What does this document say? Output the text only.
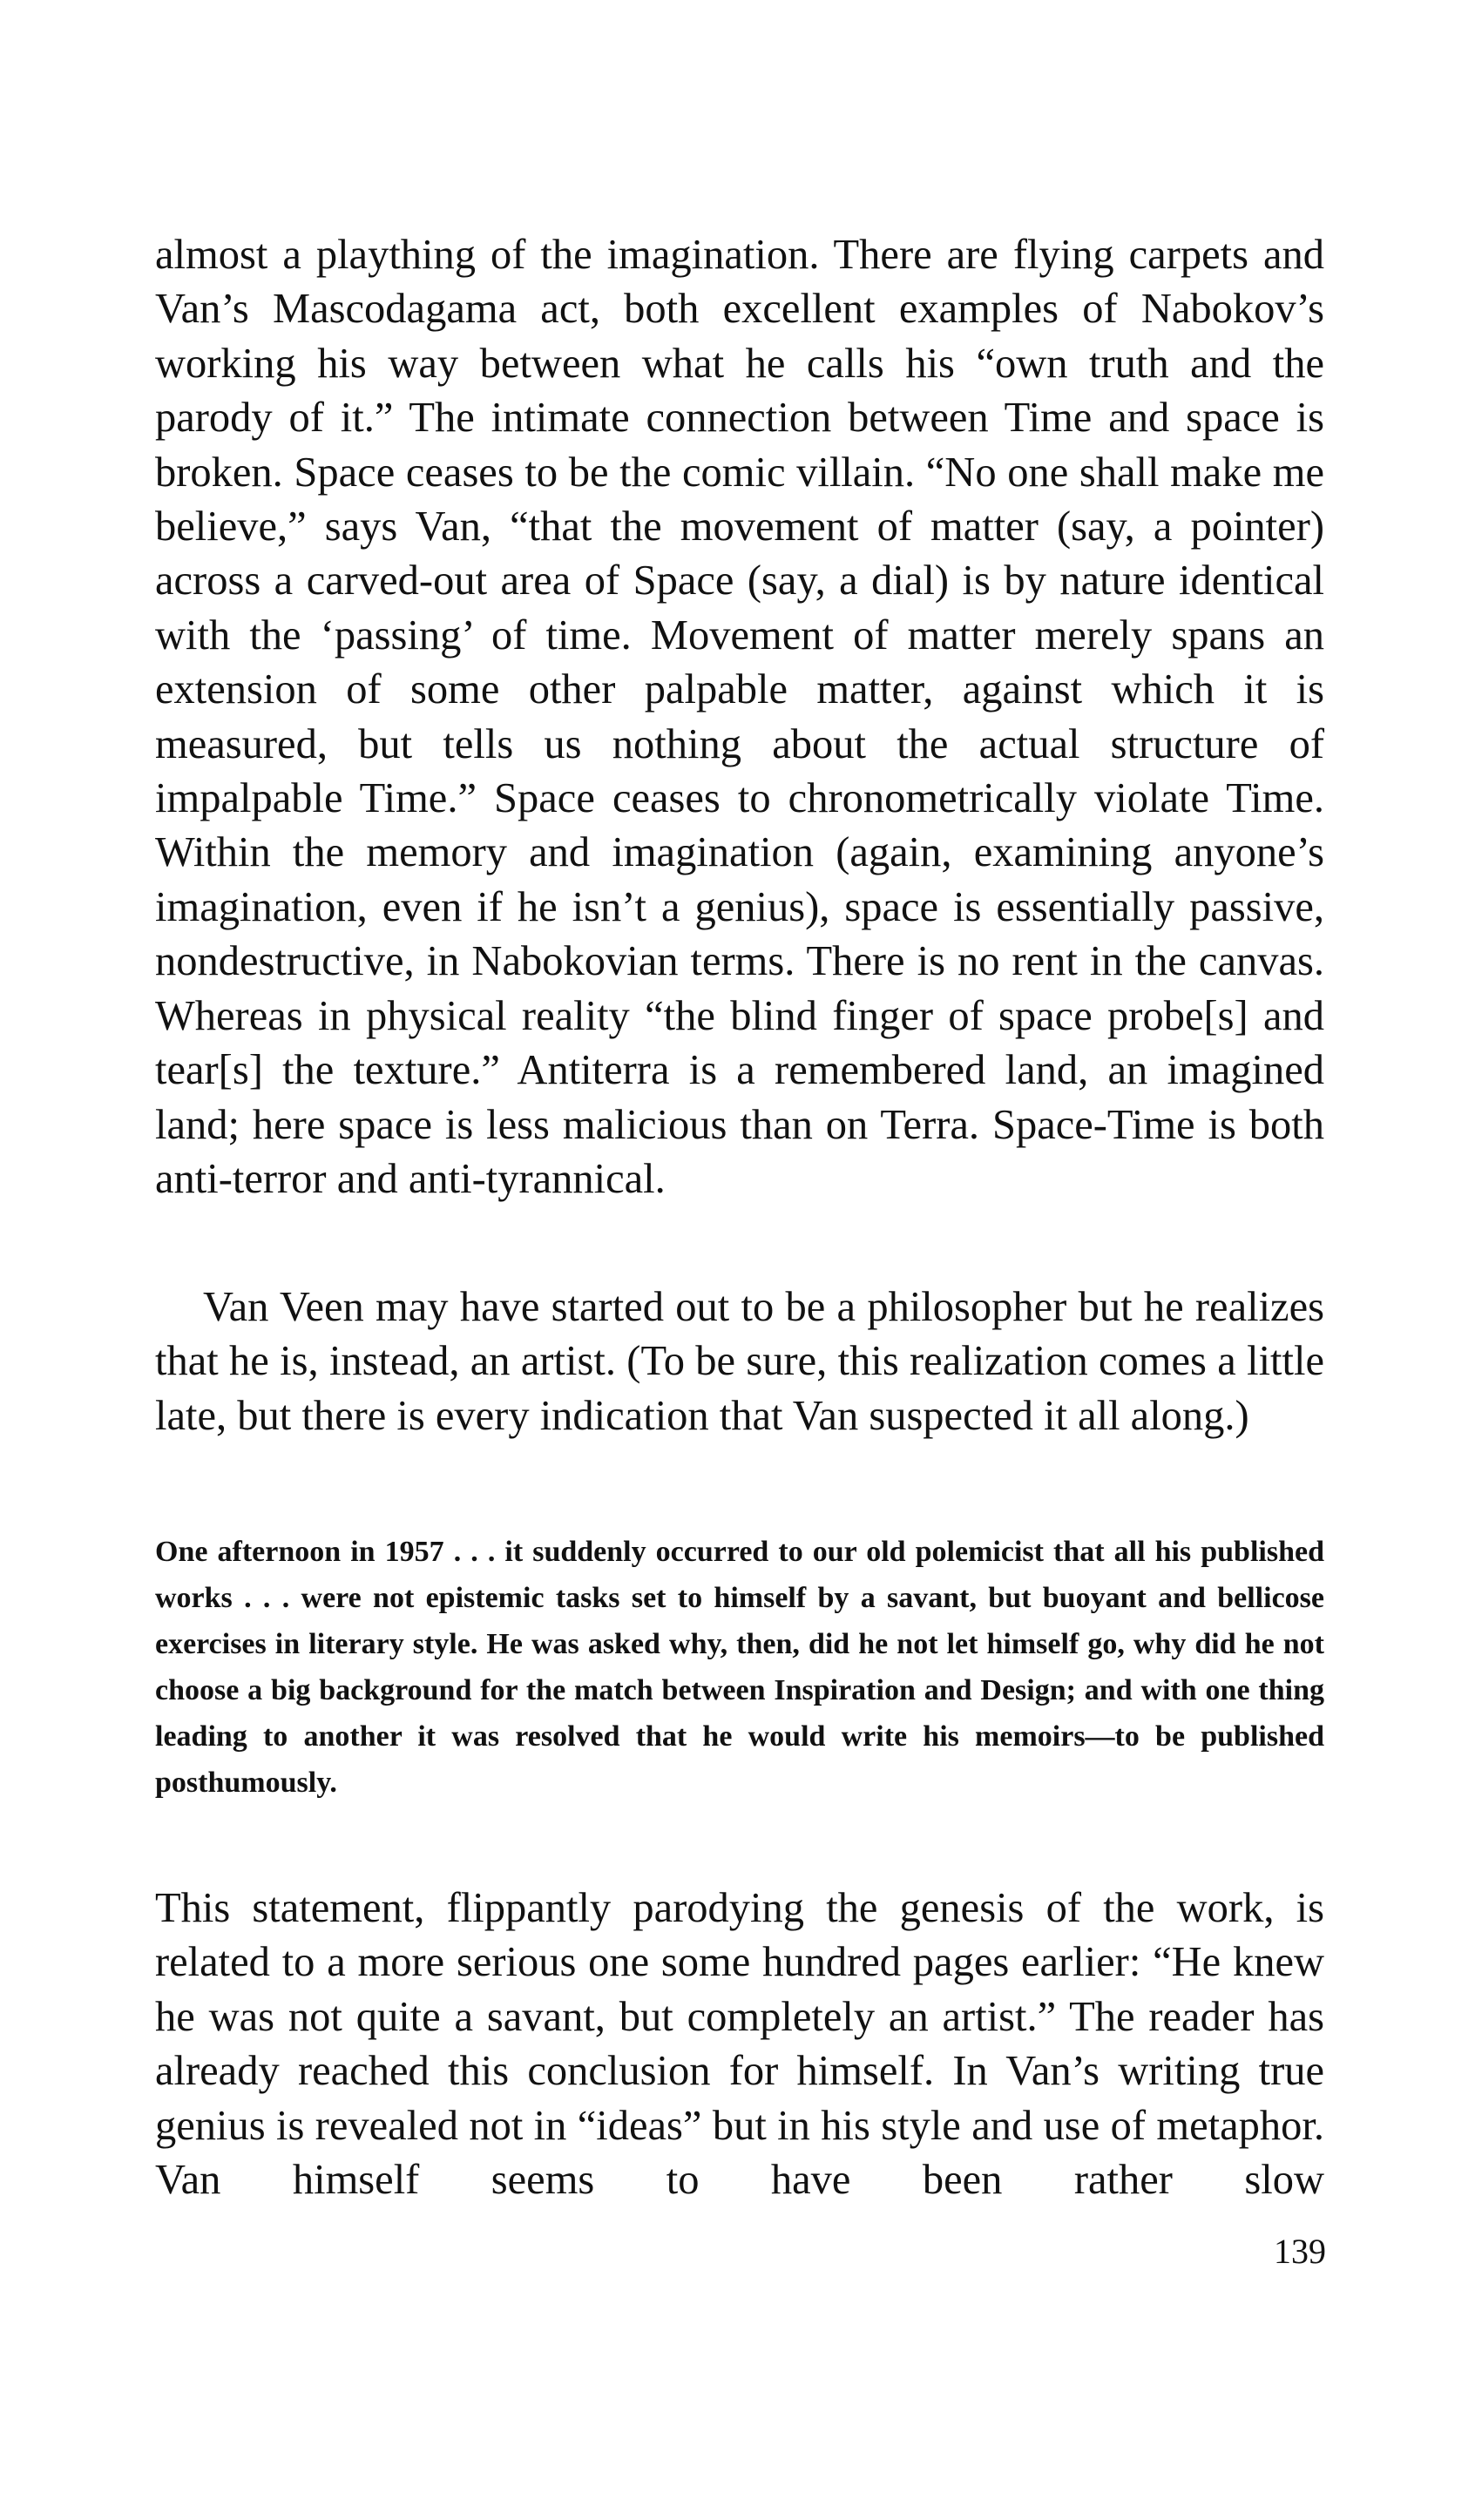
almost a plaything of the imagination. There are flying carpets and Van’s Mascodagama act, both excellent examples of Nabokov’s working his way between what he calls his “own truth and the parody of it.” The intimate connection between Time and space is broken. Space ceases to be the comic villain. “No one shall make me believe,” says Van, “that the movement of matter (say, a pointer) across a carved-out area of Space (say, a dial) is by nature identical with the ‘passing’ of time. Movement of matter merely spans an extension of some other palpable matter, against which it is measured, but tells us nothing about the actual structure of impalpable Time.” Space ceases to chronometrically violate Time. Within the memory and imagination (again, examining anyone’s imagination, even if he isn’t a genius), space is essentially passive, nondestructive, in Nabokovian terms. There is no rent in the canvas. Whereas in physical reality “the blind finger of space probe[s] and tear[s] the texture.” Antiterra is a remembered land, an imagined land; here space is less malicious than on Terra. Space-Time is both anti-terror and anti-tyrannical.

Van Veen may have started out to be a philosopher but he realizes that he is, instead, an artist. (To be sure, this realization comes a little late, but there is every indication that Van suspected it all along.)

One afternoon in 1957 . . . it suddenly occurred to our old polemicist that all his published works . . . were not epistemic tasks set to himself by a savant, but buoyant and bellicose exercises in literary style. He was asked why, then, did he not let himself go, why did he not choose a big background for the match between Inspiration and Design; and with one thing leading to another it was resolved that he would write his memoirs—to be published posthumously.

This statement, flippantly parodying the genesis of the work, is related to a more serious one some hundred pages earlier: “He knew he was not quite a savant, but completely an artist.” The reader has already reached this conclusion for himself. In Van’s writing true genius is revealed not in “ideas” but in his style and use of metaphor. Van himself seems to have been rather slow

139
